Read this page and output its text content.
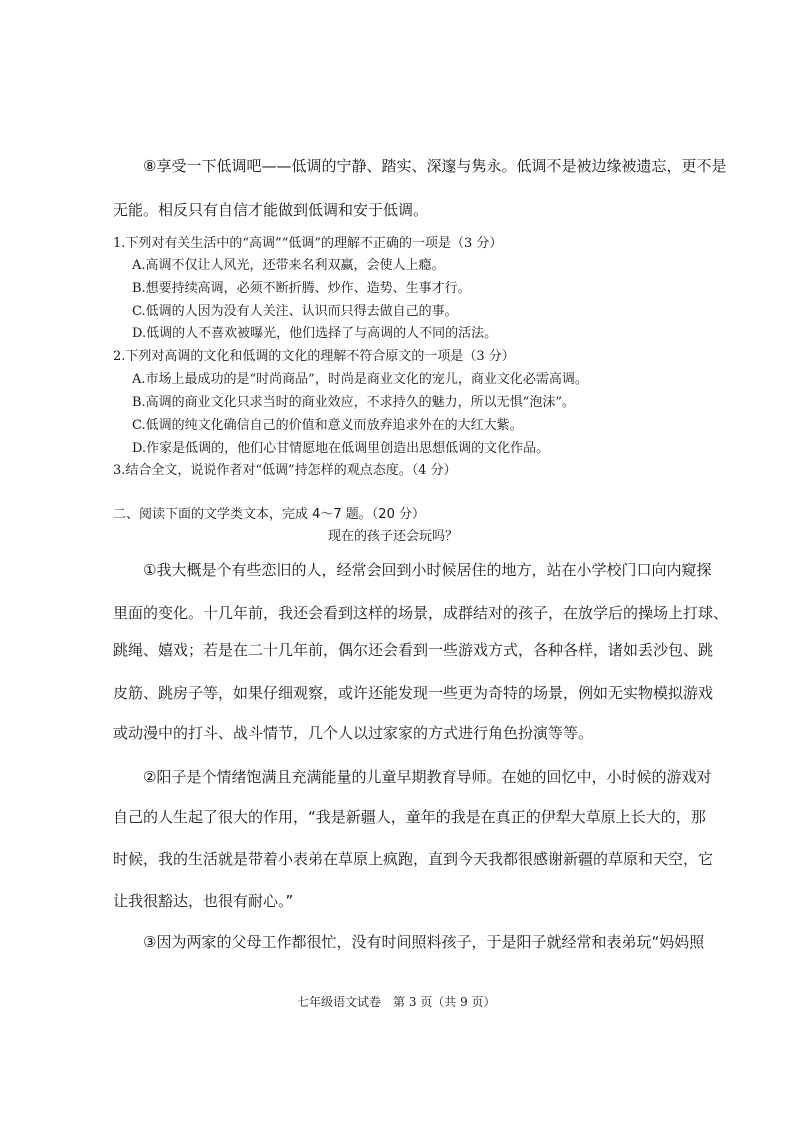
⑧享受一下低调吧——低调的宁静、踏实、深邃与隽永。低调不是被边缘被遗忘，更不是
无能。相反只有自信才能做到低调和安于低调。
1.下列对有关生活中的“高调”“低调”的理解不正确的一项是（3 分）
A.高调不仅让人风光，还带来名利双赢，会使人上瘾。
B.想要持续高调，必须不断折腾、炒作、造势、生事才行。
C.低调的人因为没有人关注、认识而只得去做自己的事。
D.低调的人不喜欢被曝光，他们选择了与高调的人不同的活法。
2.下列对高调的文化和低调的文化的理解不符合原文的一项是（3 分）
A.市场上最成功的是“时尚商品”，时尚是商业文化的宠儿，商业文化必需高调。
B.高调的商业文化只求当时的商业效应，不求持久的魅力，所以无惧“泡沫”。
C.低调的纯文化确信自己的价值和意义而放弃追求外在的大红大紫。
D.作家是低调的，他们心甘情愿地在低调里创造出思想低调的文化作品。
3.结合全文，说说作者对“低调”持怎样的观点态度。（4 分）
二、阅读下面的文学类文本，完成 4～7 题。（20 分）
现在的孩子还会玩吗？
①我大概是个有些恋旧的人，经常会回到小时候居住的地方，站在小学校门口向内窥探
里面的变化。十几年前，我还会看到这样的场景，成群结对的孩子，在放学后的操场上打球、
跳绳、嬉戏；若是在二十几年前，偶尔还会看到一些游戏方式，各种各样，诸如丢沙包、跳
皮筋、跳房子等，如果仔细观察，或许还能发现一些更为奇特的场景，例如无实物模拟游戏
或动漫中的打斗、战斗情节，几个人以过家家的方式进行角色扮演等等。
②阳子是个情绪饱满且充满能量的儿童早期教育导师。在她的回忆中，小时候的游戏对
自己的人生起了很大的作用，“我是新疆人，童年的我是在真正的伊犁大草原上长大的，那
时候，我的生活就是带着小表弟在草原上疯跑，直到今天我都很感谢新疆的草原和天空，它
让我很豁达，也很有耐心。”
③因为两家的父母工作都很忙，没有时间照料孩子，于是阳子就经常和表弟玩“妈妈照
七年级语文试卷　第 3 页（共 9 页）
